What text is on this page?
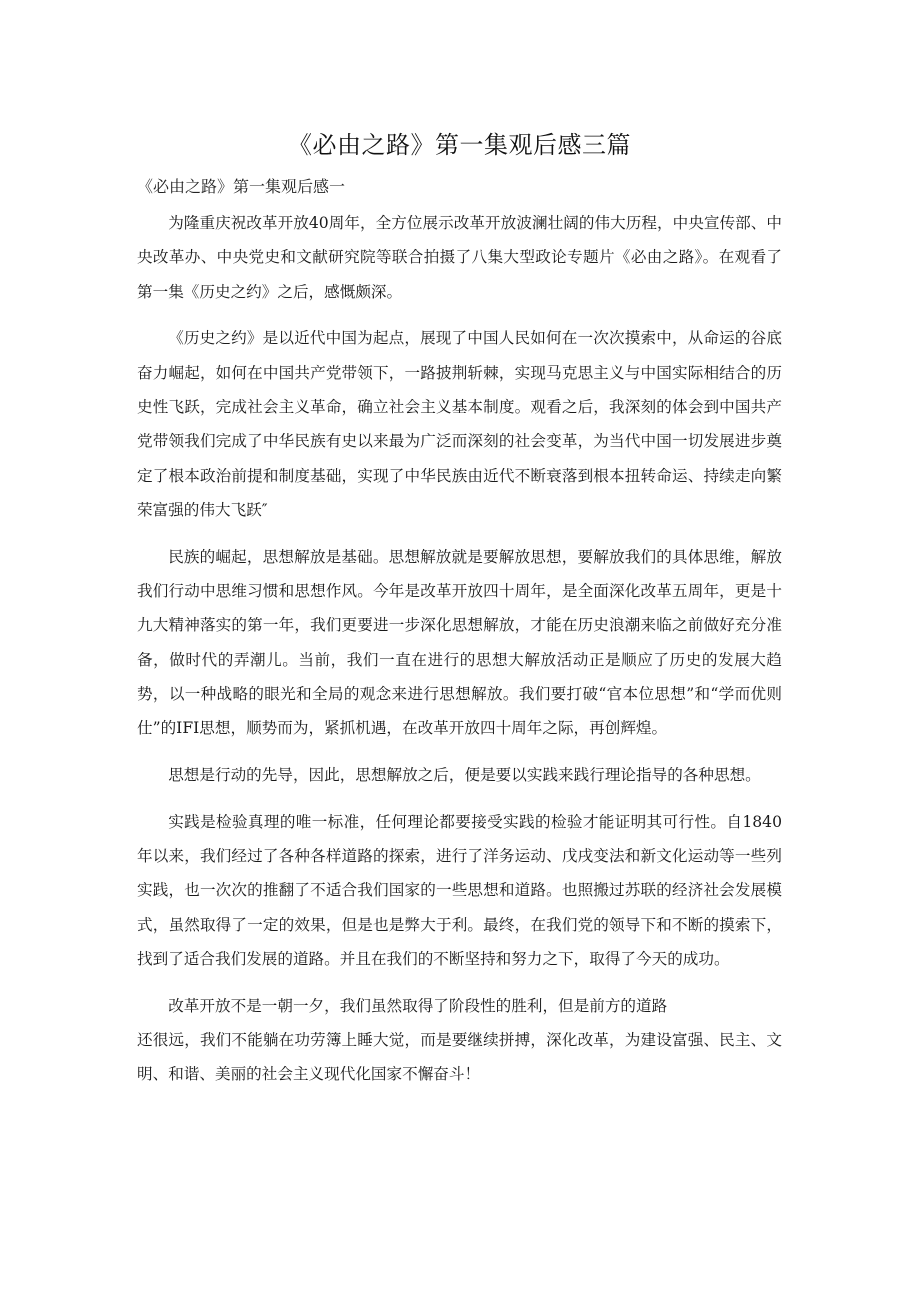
《必由之路》第一集观后感三篇
《必由之路》第一集观后感一

为隆重庆祝改革开放40周年，全方位展示改革开放波澜壮阔的伟大历程，中央宣传部、中央改革办、中央党史和文献研究院等联合拍摄了八集大型政论专题片《必由之路》。在观看了第一集《历史之约》之后，感慨颇深。

《历史之约》是以近代中国为起点，展现了中国人民如何在一次次摸索中，从命运的谷底奋力崛起，如何在中国共产党带领下，一路披荆斩棘，实现马克思主义与中国实际相结合的历史性飞跃，完成社会主义革命，确立社会主义基本制度。观看之后，我深刻的体会到中国共产党带领我们完成了中华民族有史以来最为广泛而深刻的社会变革，为当代中国一切发展进步奠定了根本政治前提和制度基础，实现了中华民族由近代不断衰落到根本扭转命运、持续走向繁荣富强的伟大飞跃″

民族的崛起，思想解放是基础。思想解放就是要解放思想，要解放我们的具体思维，解放我们行动中思维习惯和思想作风。今年是改革开放四十周年，是全面深化改革五周年，更是十九大精神落实的第一年，我们更要进一步深化思想解放，才能在历史浪潮来临之前做好充分准备，做时代的弄潮儿。当前，我们一直在进行的思想大解放活动正是顺应了历史的发展大趋势，以一种战略的眼光和全局的观念来进行思想解放。我们要打破“官本位思想”和“学而优则仕”的IFI思想，顺势而为，紧抓机遇，在改革开放四十周年之际，再创辉煌。

思想是行动的先导，因此，思想解放之后，便是要以实践来践行理论指导的各种思想。

实践是检验真理的唯一标准，任何理论都要接受实践的检验才能证明其可行性。自1840年以来，我们经过了各种各样道路的探索，进行了洋务运动、戊戌变法和新文化运动等一些列实践，也一次次的推翻了不适合我们国家的一些思想和道路。也照搬过苏联的经济社会发展模式，虽然取得了一定的效果，但是也是弊大于利。最终，在我们党的领导下和不断的摸索下，找到了适合我们发展的道路。并且在我们的不断坚持和努力之下，取得了今天的成功。

改革开放不是一朝一夕，我们虽然取得了阶段性的胜利，但是前方的道路

还很远，我们不能躺在功劳簿上睡大觉，而是要继续拼搏，深化改革，为建设富强、民主、文明、和谐、美丽的社会主义现代化国家不懈奋斗！
